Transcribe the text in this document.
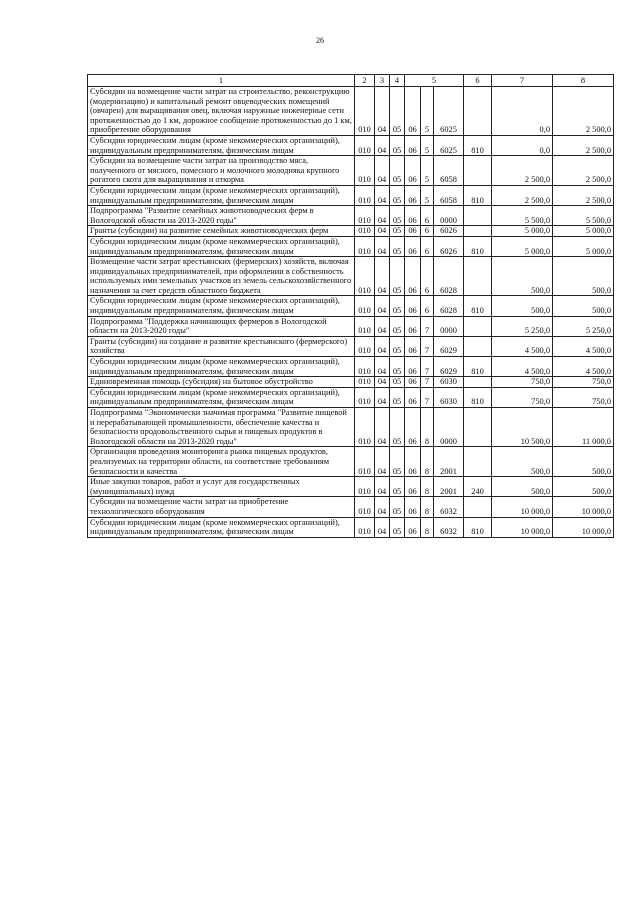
26
1	2	3	4	5			6	7	8
Субсидии на возмещение части затрат на строительство, реконструкцию (модернизацию) и капитальный ремонт овцеводческих помещений (овчарен) для выращивания овец, включая наружные инженерные сети протяженностью до 1 км, дорожное сообщение протяженностью до 1 км, приобретение оборудования	010	04	05	06	5	6025		0,0	2 500,0
Субсидии юридическим лицам (кроме некоммерческих организаций), индивидуальным предпринимателям, физическим лицам	010	04	05	06	5	6025	810	0,0	2 500,0
Субсидии на возмещение части затрат на производство мяса, полученного от мясного, помесного и молочного молодняка крупного рогатого скота для выращивания и откорма	010	04	05	06	5	6058		2 500,0	2 500,0
Субсидии юридическим лицам (кроме некоммерческих организаций), индивидуальным предпринимателям, физическим лицам	010	04	05	06	5	6058	810	2 500,0	2 500,0
Подпрограмма "Развитие семейных животноводческих ферм в Вологодской области на 2013-2020 годы"	010	04	05	06	6	0000		5 500,0	5 500,0
Гранты (субсидии) на развитие семейных животноводческих ферм	010	04	05	06	6	6026		5 000,0	5 000,0
Субсидии юридическим лицам (кроме некоммерческих организаций), индивидуальным предпринимателям, физическим лицам	010	04	05	06	6	6026	810	5 000,0	5 000,0
Возмещение части затрат крестьянских (фермерских) хозяйств, включая индивидуальных предпринимателей, при оформлении в собственность используемых ими земельных участков из земель сельскохозяйственного назначения за счет средств областного бюджета	010	04	05	06	6	6028		500,0	500,0
Субсидии юридическим лицам (кроме некоммерческих организаций), индивидуальным предпринимателям, физическим лицам	010	04	05	06	6	6028	810	500,0	500,0
Подпрограмма "Поддержка начинающих фермеров в Вологодской области на 2013-2020 годы"	010	04	05	06	7	0000		5 250,0	5 250,0
Гранты (субсидии) на создание и развитие крестьянского (фермерского) хозяйства	010	04	05	06	7	6029		4 500,0	4 500,0
Субсидии юридическим лицам (кроме некоммерческих организаций), индивидуальным предпринимателям, физическим лицам	010	04	05	06	7	6029	810	4 500,0	4 500,0
Единовременная помощь (субсидия) на бытовое обустройство	010	04	05	06	7	6030		750,0	750,0
Субсидии юридическим лицам (кроме некоммерческих организаций), индивидуальным предпринимателям, физическим лицам	010	04	05	06	7	6030	810	750,0	750,0
Подпрограмма "Экономически значимая программа "Развитие пищевой и перерабатывающей промышленности, обеспечение качества и безопасности продовольственного сырья и пищевых продуктов в Вологодской области на 2013-2020 годы"	010	04	05	06	8	0000		10 500,0	11 000,0
Организация проведения мониторинга рынка пищевых продуктов, реализуемых на территории области, на соответствие требованиям безопасности и качества	010	04	05	06	8	2001		500,0	500,0
Иные закупки товаров, работ и услуг для государственных (муниципальных) нужд	010	04	05	06	8	2001	240	500,0	500,0
Субсидии на возмещение части затрат на приобретение технологического оборудования	010	04	05	06	8	6032		10 000,0	10 000,0
Субсидии юридическим лицам (кроме некоммерческих организаций), индивидуальным предпринимателям, физическим лицам	010	04	05	06	8	6032	810	10 000,0	10 000,0
